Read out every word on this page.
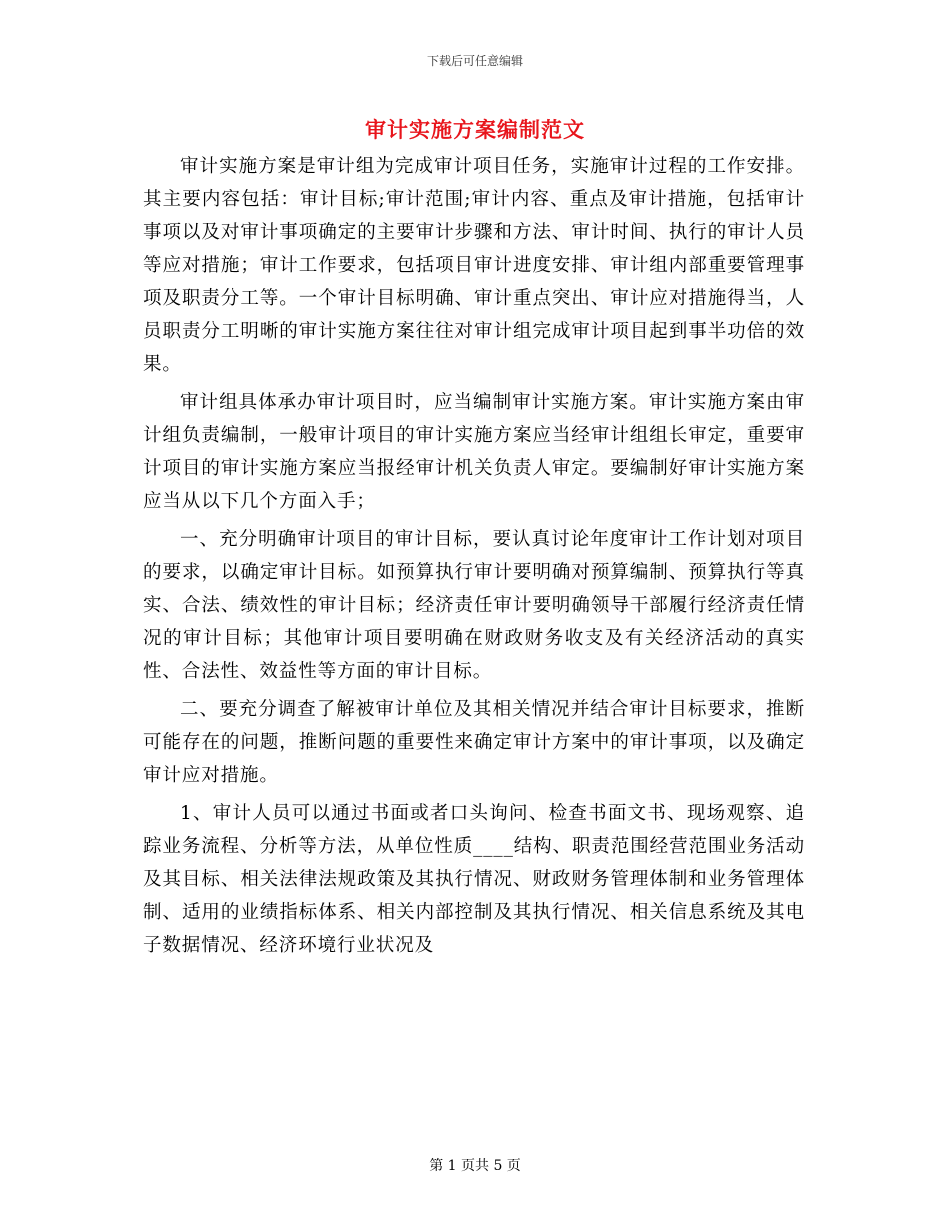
下载后可任意编辑
审计实施方案编制范文

审计实施方案是审计组为完成审计项目任务，实施审计过程的工作安排。其主要内容包括：审计目标;审计范围;审计内容、重点及审计措施，包括审计事项以及对审计事项确定的主要审计步骤和方法、审计时间、执行的审计人员等应对措施；审计工作要求，包括项目审计进度安排、审计组内部重要管理事项及职责分工等。一个审计目标明确、审计重点突出、审计应对措施得当，人员职责分工明晰的审计实施方案往往对审计组完成审计项目起到事半功倍的效果。

审计组具体承办审计项目时，应当编制审计实施方案。审计实施方案由审计组负责编制，一般审计项目的审计实施方案应当经审计组组长审定，重要审计项目的审计实施方案应当报经审计机关负责人审定。要编制好审计实施方案应当从以下几个方面入手；

一、充分明确审计项目的审计目标，要认真讨论年度审计工作计划对项目的要求，以确定审计目标。如预算执行审计要明确对预算编制、预算执行等真实、合法、绩效性的审计目标；经济责任审计要明确领导干部履行经济责任情况的审计目标；其他审计项目要明确在财政财务收支及有关经济活动的真实性、合法性、效益性等方面的审计目标。

二、要充分调查了解被审计单位及其相关情况并结合审计目标要求，推断可能存在的问题，推断问题的重要性来确定审计方案中的审计事项，以及确定审计应对措施。

1、审计人员可以通过书面或者口头询问、检查书面文书、现场观察、追踪业务流程、分析等方法，从单位性质____结构、职责范围经营范围业务活动及其目标、相关法律法规政策及其执行情况、财政财务管理体制和业务管理体制、适用的业绩指标体系、相关内部控制及其执行情况、相关信息系统及其电子数据情况、经济环境行业状况及

第 1 页共 5 页
